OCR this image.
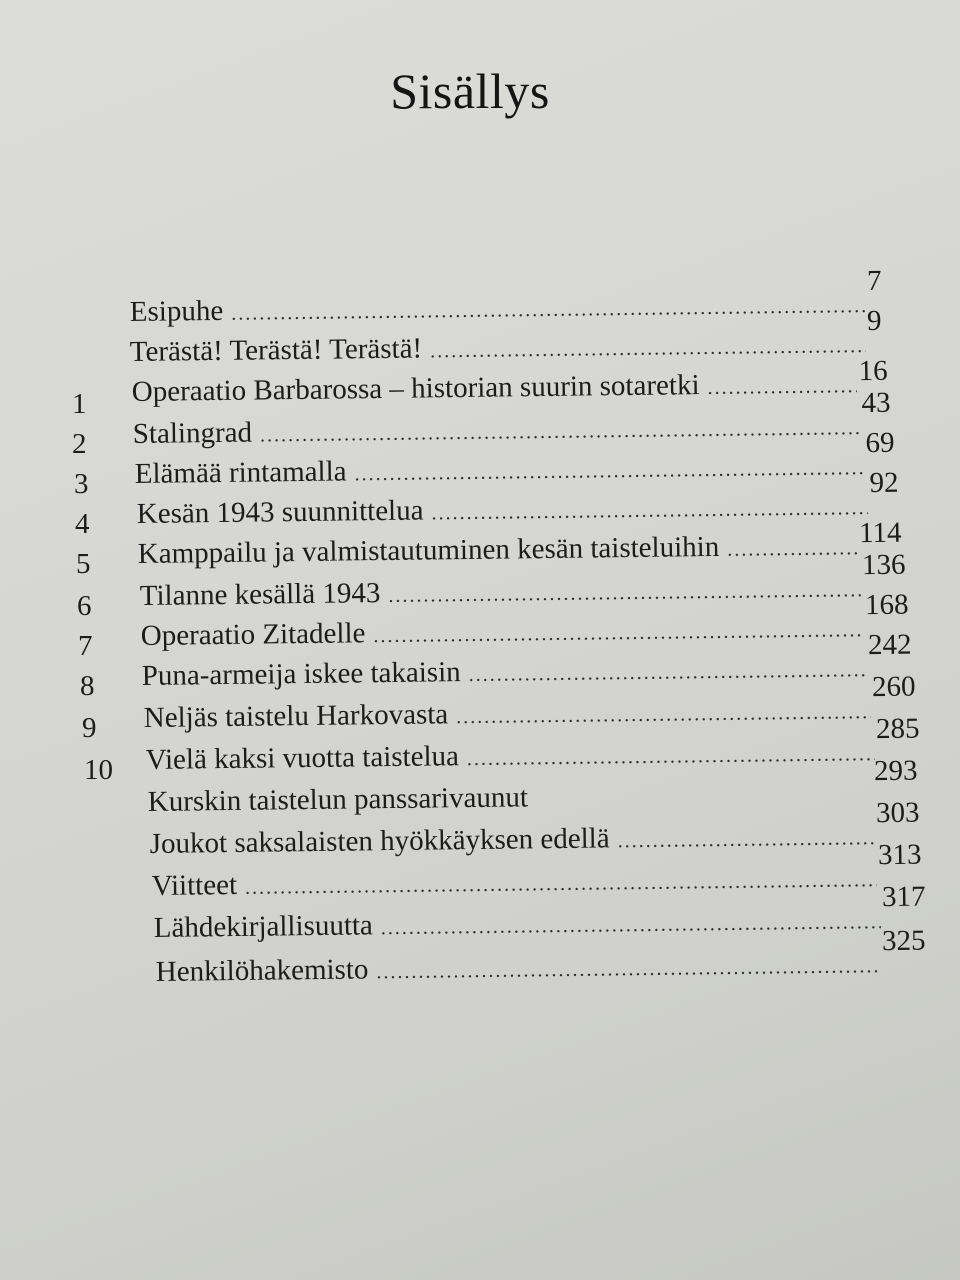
Sisällys
Esipuhe
.....
7
Terästä! Terästä! Terästä!
.....
9
1 Operaatio Barbarossa – historian suurin sotaretki
.....	16
2 Stalingrad
.....
43
3 Elämää rintamalla
.....
69
4 Kesän 1943 suunnittelua
.....
92
5 Kamppailu ja valmistautuminen kesän taisteluihin
.....	114
6 Tilanne kesällä 1943
.....
136
7 Operaatio Zitadelle
.....
168
8 Puna-armeija iskee takaisin
.....
242
9 Neljäs taistelu Harkovasta
.....
260
10 Vielä kaksi vuotta taistelua
.....
285
Kurskin taistelun panssarivaunut
293
Joukot saksalaisten hyökkäyksen edellä
.....
303
Viitteet
.....
313
Lähdekirjallisuutta
.....
317
Henkilöhakemisto
.....
325
